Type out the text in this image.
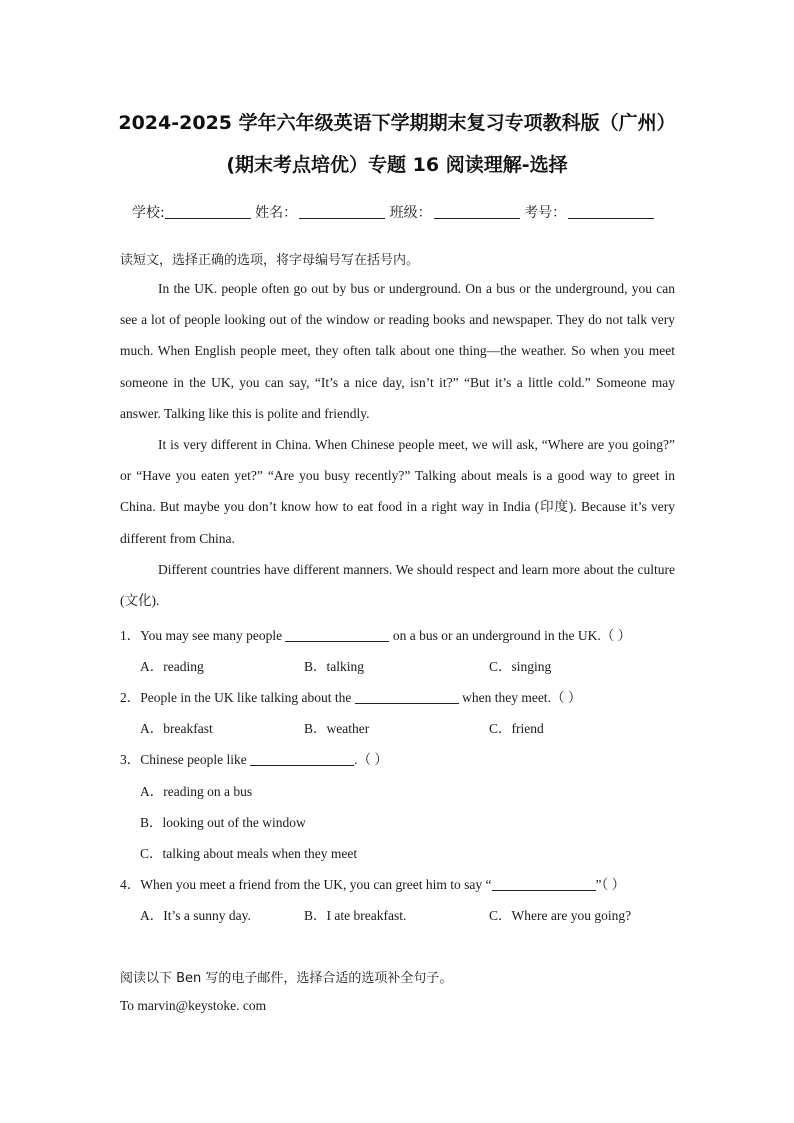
2024-2025 学年六年级英语下学期期末复习专项教科版（广州）
(期末考点培优）专题 16 阅读理解-选择
学校:	姓名：	班级：	考号：
读短文，选择正确的选项，将字母编号写在括号内。

In the UK. people often go out by bus or underground. On a bus or the underground, you can see a lot of people looking out of the window or reading books and newspaper. They do not talk very much. When English people meet, they often talk about one thing—the weather. So when you meet someone in the UK, you can say, “It’s a nice day, isn’t it?” “But it’s a little cold.” Someone may answer. Talking like this is polite and friendly.

It is very different in China. When Chinese people meet, we will ask, “Where are you going?” or “Have you eaten yet?” “Are you busy recently?” Talking about meals is a good way to greet in China. But maybe you don’t know how to eat food in a right way in India (印度). Because it’s very different from China.

Different countries have different manners. We should respect and learn more about the culture (文化).

1．You may see many people	on a bus or an underground in the UK.（ ）
A．reading	B．talking	C．singing
2．People in the UK like talking about the	when they meet.（ ）
A．breakfast	B．weather	C．friend
3．Chinese people like	.（ ）
A．reading on a bus
B．looking out of the window
C．talking about meals when they meet
4．When you meet a friend from the UK, you can greet him to say “	”（ ）
A．It’s a sunny day.	B．I ate breakfast.	C．Where are you going?
阅读以下 Ben 写的电子邮件，选择合适的选项补全句子。
To marvin@keystoke. com
